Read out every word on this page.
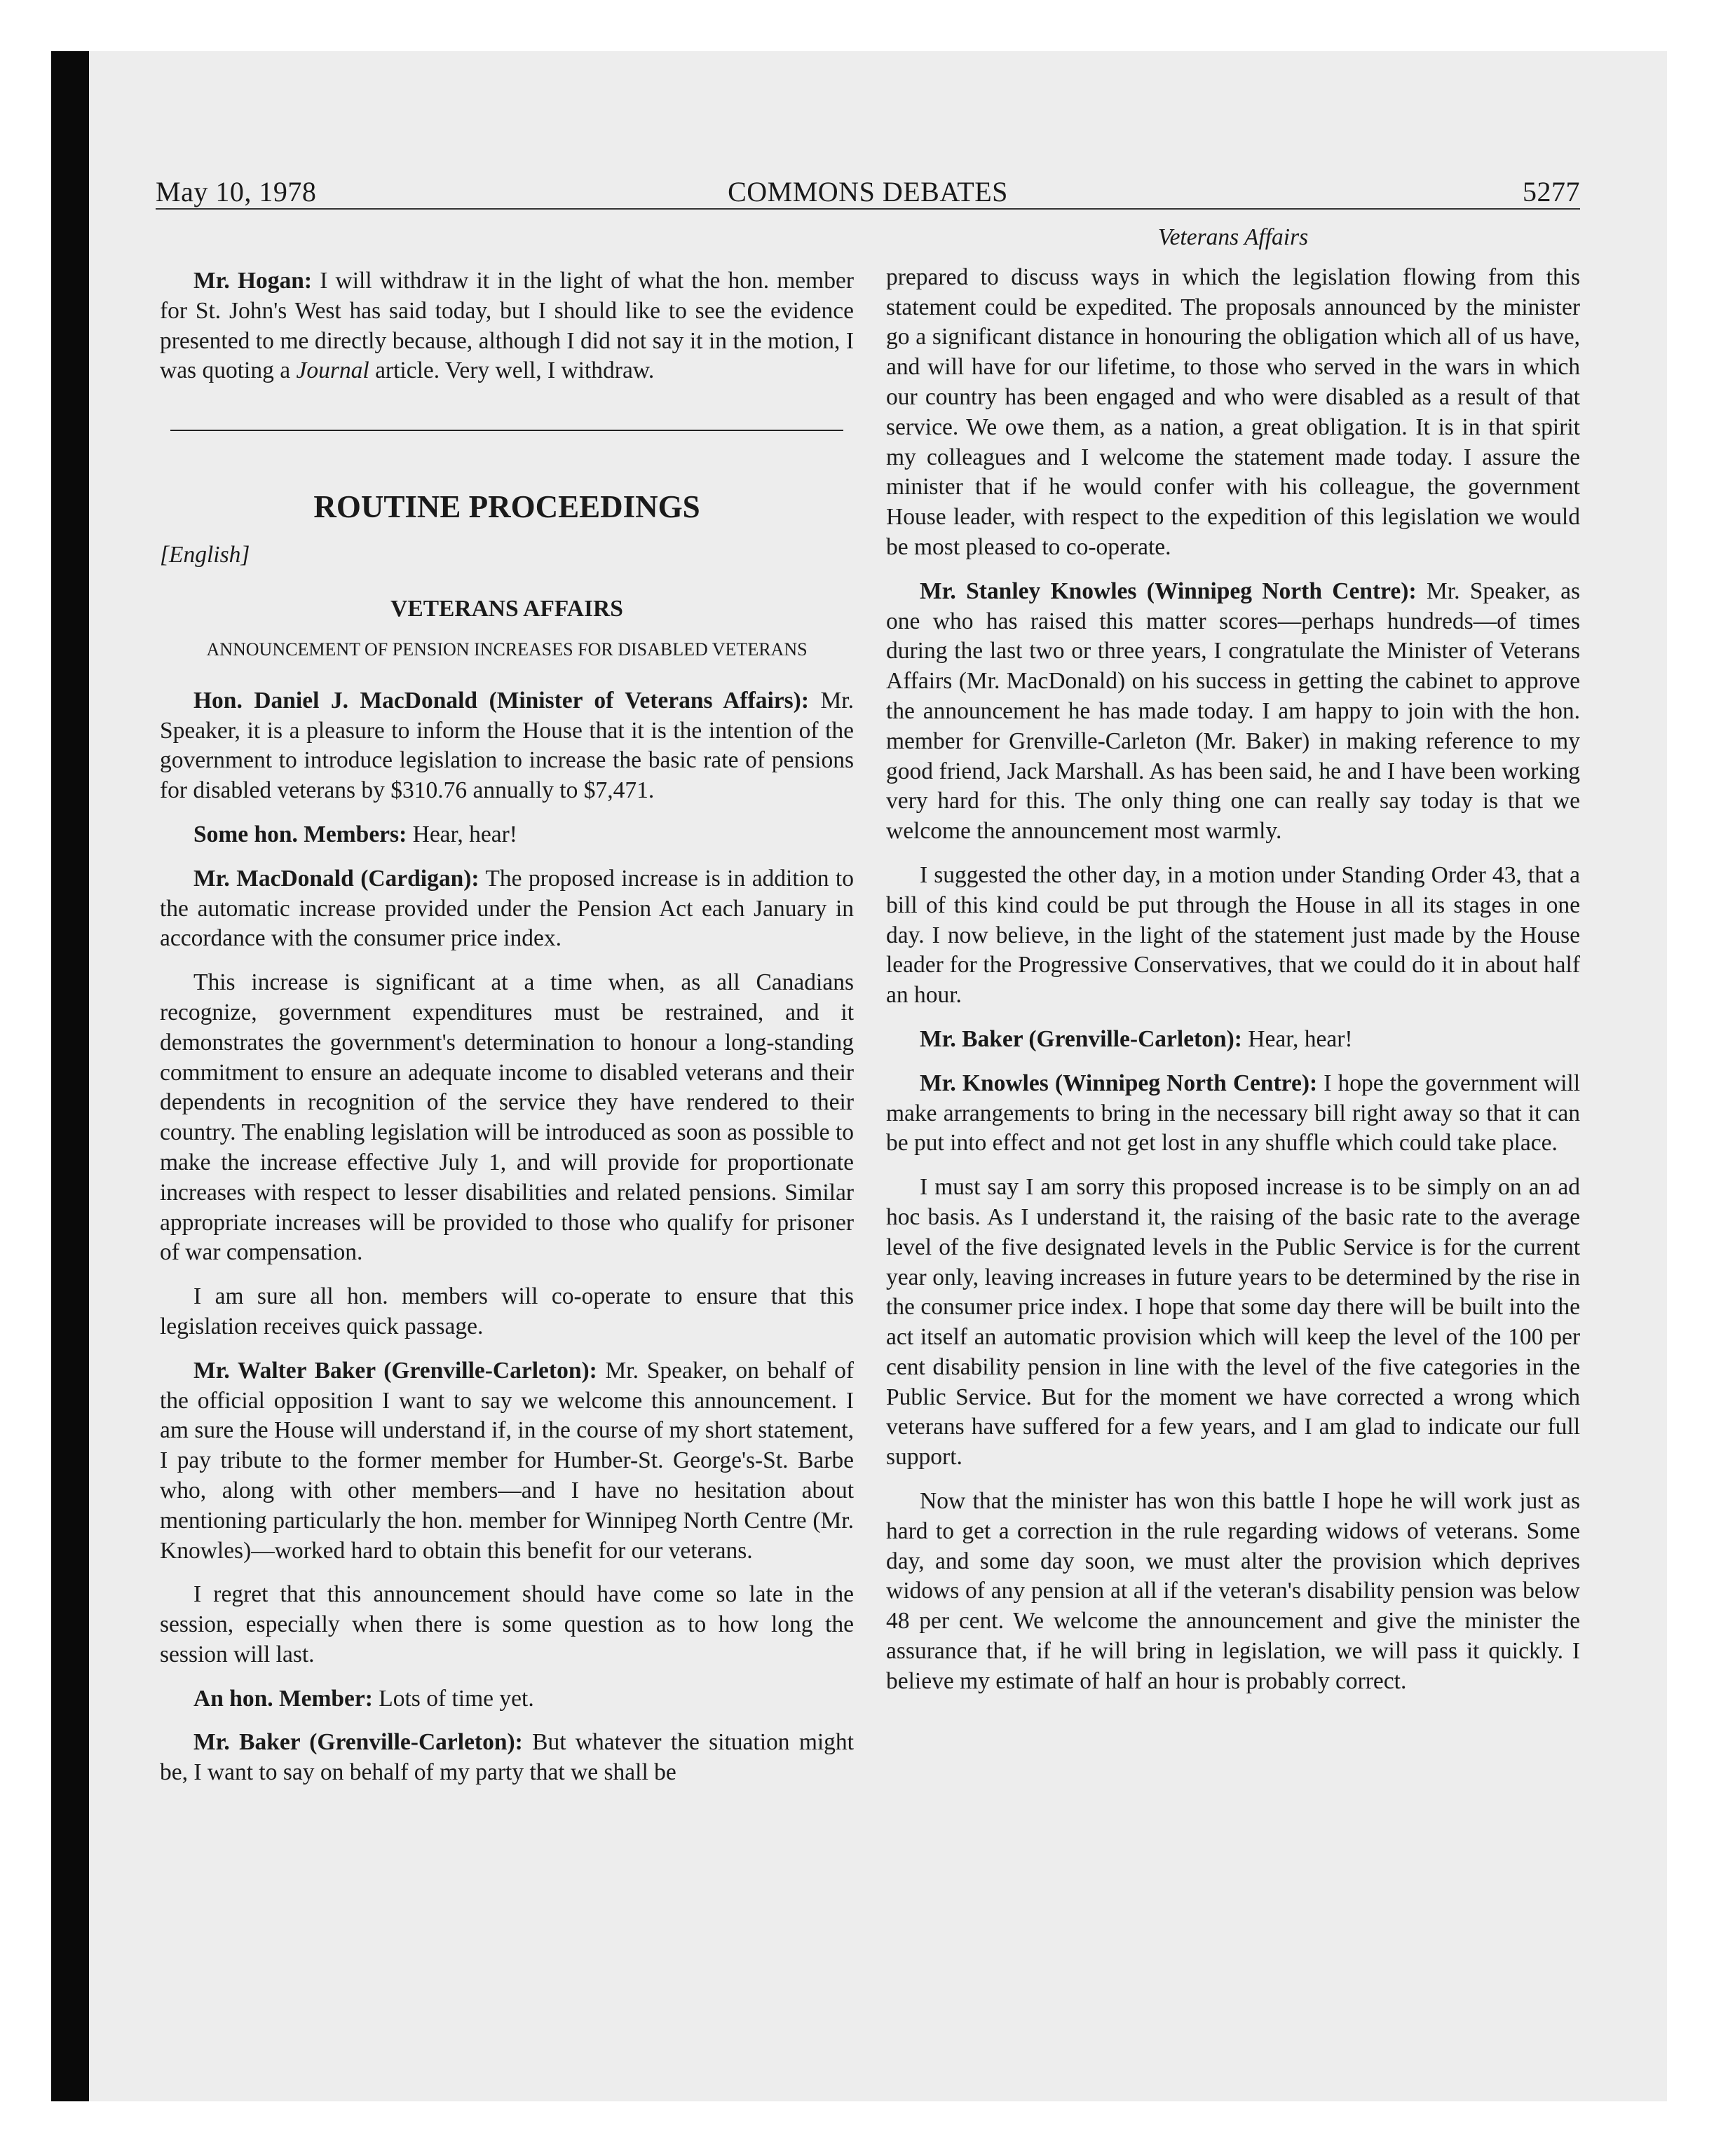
May 10, 1978	COMMONS DEBATES	5277

Mr. Hogan: I will withdraw it in the light of what the hon. member for St. John's West has said today, but I should like to see the evidence presented to me directly because, although I did not say it in the motion, I was quoting a Journal article. Very well, I withdraw.

ROUTINE PROCEEDINGS
[English]
VETERANS AFFAIRS
ANNOUNCEMENT OF PENSION INCREASES FOR DISABLED VETERANS

Hon. Daniel J. MacDonald (Minister of Veterans Affairs): Mr. Speaker, it is a pleasure to inform the House that it is the intention of the government to introduce legislation to increase the basic rate of pensions for disabled veterans by $310.76 annually to $7,471.

Some hon. Members: Hear, hear!

Mr. MacDonald (Cardigan): The proposed increase is in addition to the automatic increase provided under the Pension Act each January in accordance with the consumer price index.

This increase is significant at a time when, as all Canadians recognize, government expenditures must be restrained, and it demonstrates the government's determination to honour a long-standing commitment to ensure an adequate income to disabled veterans and their dependents in recognition of the service they have rendered to their country. The enabling legislation will be introduced as soon as possible to make the increase effective July 1, and will provide for proportionate increases with respect to lesser disabilities and related pensions. Similar appropriate increases will be provided to those who qualify for prisoner of war compensation.

I am sure all hon. members will co-operate to ensure that this legislation receives quick passage.

Mr. Walter Baker (Grenville-Carleton): Mr. Speaker, on behalf of the official opposition I want to say we welcome this announcement. I am sure the House will understand if, in the course of my short statement, I pay tribute to the former member for Humber-St. George's-St. Barbe who, along with other members—and I have no hesitation about mentioning particularly the hon. member for Winnipeg North Centre (Mr. Knowles)—worked hard to obtain this benefit for our veterans.

I regret that this announcement should have come so late in the session, especially when there is some question as to how long the session will last.

An hon. Member: Lots of time yet.

Mr. Baker (Grenville-Carleton): But whatever the situation might be, I want to say on behalf of my party that we shall be

Veterans Affairs

prepared to discuss ways in which the legislation flowing from this statement could be expedited. The proposals announced by the minister go a significant distance in honouring the obligation which all of us have, and will have for our lifetime, to those who served in the wars in which our country has been engaged and who were disabled as a result of that service. We owe them, as a nation, a great obligation. It is in that spirit my colleagues and I welcome the statement made today. I assure the minister that if he would confer with his colleague, the government House leader, with respect to the expedition of this legislation we would be most pleased to co-operate.

Mr. Stanley Knowles (Winnipeg North Centre): Mr. Speaker, as one who has raised this matter scores—perhaps hundreds—of times during the last two or three years, I congratulate the Minister of Veterans Affairs (Mr. MacDonald) on his success in getting the cabinet to approve the announcement he has made today. I am happy to join with the hon. member for Grenville-Carleton (Mr. Baker) in making reference to my good friend, Jack Marshall. As has been said, he and I have been working very hard for this. The only thing one can really say today is that we welcome the announcement most warmly.

I suggested the other day, in a motion under Standing Order 43, that a bill of this kind could be put through the House in all its stages in one day. I now believe, in the light of the statement just made by the House leader for the Progressive Conservatives, that we could do it in about half an hour.

Mr. Baker (Grenville-Carleton): Hear, hear!

Mr. Knowles (Winnipeg North Centre): I hope the government will make arrangements to bring in the necessary bill right away so that it can be put into effect and not get lost in any shuffle which could take place.

I must say I am sorry this proposed increase is to be simply on an ad hoc basis. As I understand it, the raising of the basic rate to the average level of the five designated levels in the Public Service is for the current year only, leaving increases in future years to be determined by the rise in the consumer price index. I hope that some day there will be built into the act itself an automatic provision which will keep the level of the 100 per cent disability pension in line with the level of the five categories in the Public Service. But for the moment we have corrected a wrong which veterans have suffered for a few years, and I am glad to indicate our full support.

Now that the minister has won this battle I hope he will work just as hard to get a correction in the rule regarding widows of veterans. Some day, and some day soon, we must alter the provision which deprives widows of any pension at all if the veteran's disability pension was below 48 per cent. We welcome the announcement and give the minister the assurance that, if he will bring in legislation, we will pass it quickly. I believe my estimate of half an hour is probably correct.
